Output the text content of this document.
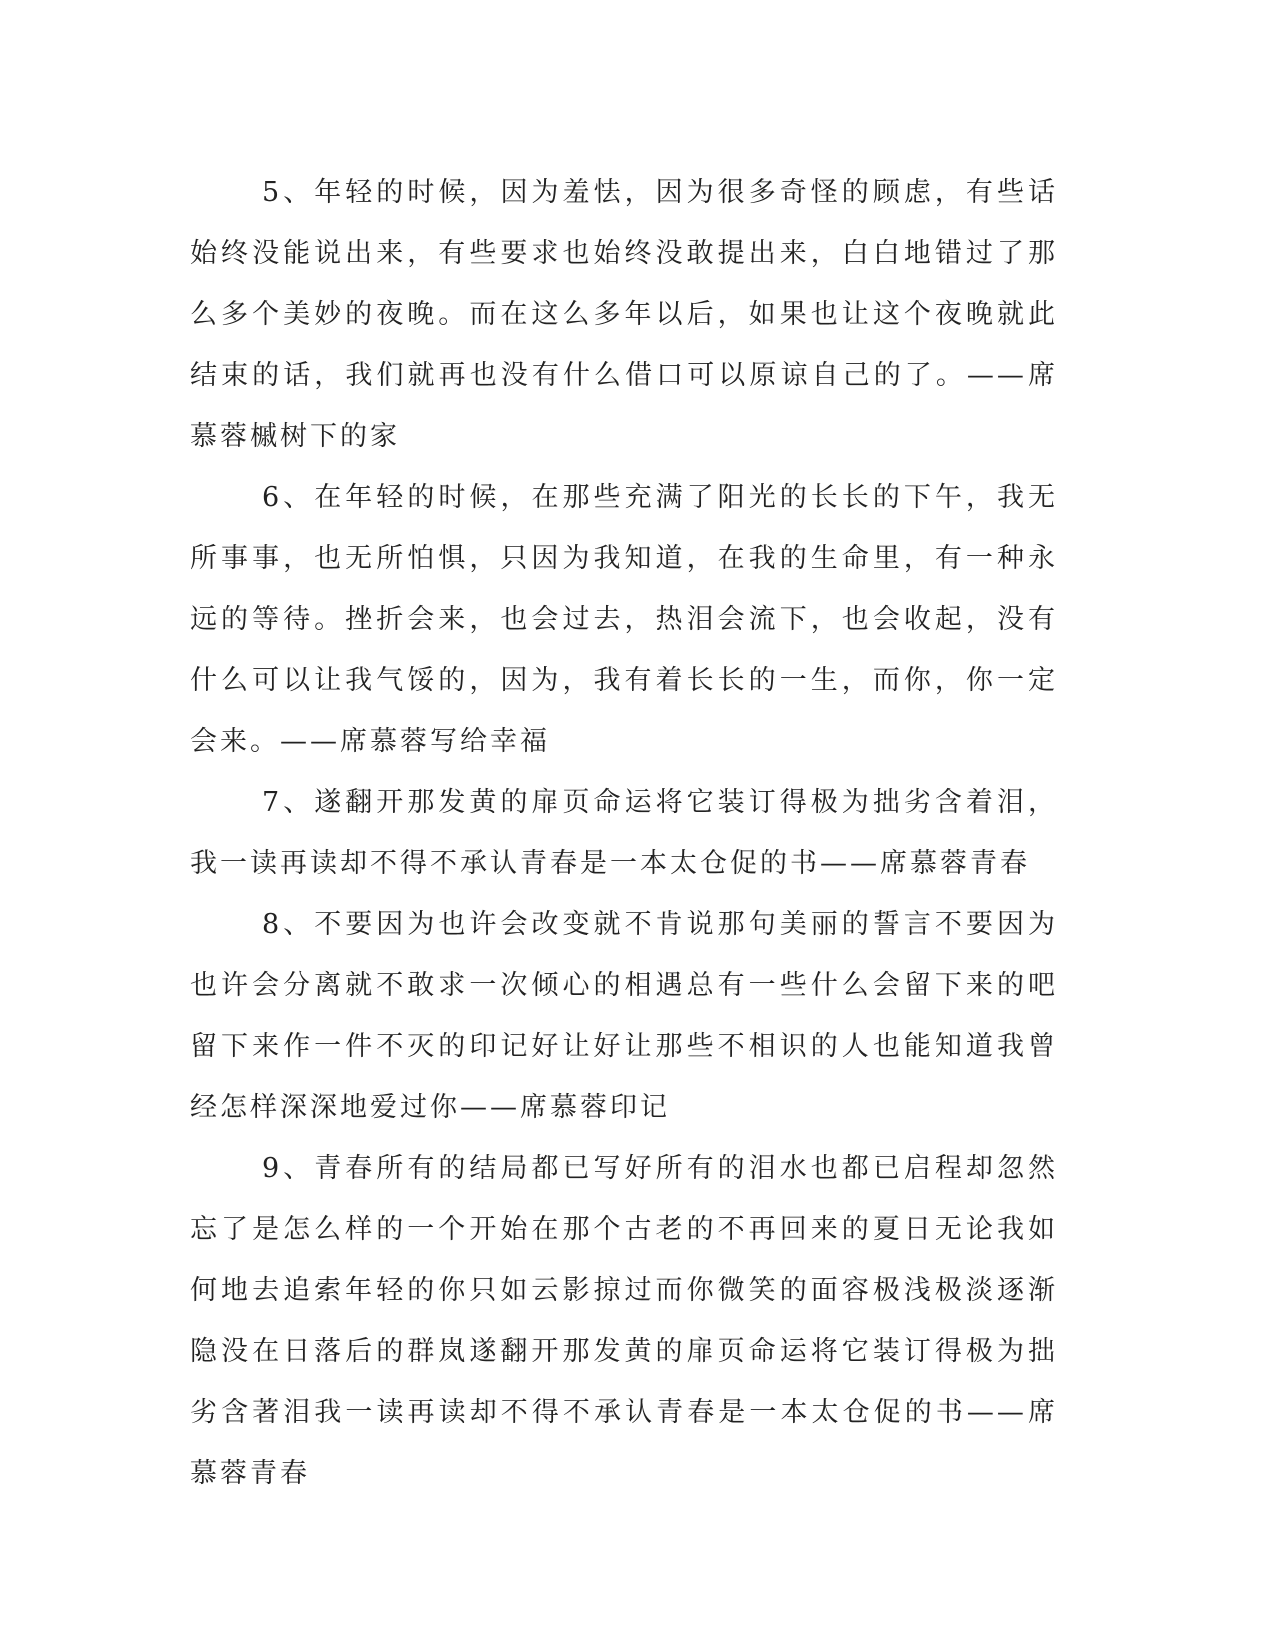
5、年轻的时候，因为羞怯，因为很多奇怪的顾虑，有些话始终没能说出来，有些要求也始终没敢提出来，白白地错过了那么多个美妙的夜晚。而在这么多年以后，如果也让这个夜晚就此结束的话，我们就再也没有什么借口可以原谅自己的了。——席慕蓉槭树下的家

6、在年轻的时候，在那些充满了阳光的长长的下午，我无所事事，也无所怕惧，只因为我知道，在我的生命里，有一种永远的等待。挫折会来，也会过去，热泪会流下，也会收起，没有什么可以让我气馁的，因为，我有着长长的一生，而你，你一定会来。——席慕蓉写给幸福

7、遂翻开那发黄的扉页命运将它装订得极为拙劣含着泪，我一读再读却不得不承认青春是一本太仓促的书——席慕蓉青春

8、不要因为也许会改变就不肯说那句美丽的誓言不要因为也许会分离就不敢求一次倾心的相遇总有一些什么会留下来的吧留下来作一件不灭的印记好让好让那些不相识的人也能知道我曾经怎样深深地爱过你——席慕蓉印记

9、青春所有的结局都已写好所有的泪水也都已启程却忽然忘了是怎么样的一个开始在那个古老的不再回来的夏日无论我如何地去追索年轻的你只如云影掠过而你微笑的面容极浅极淡逐渐隐没在日落后的群岚遂翻开那发黄的扉页命运将它装订得极为拙劣含著泪我一读再读却不得不承认青春是一本太仓促的书——席慕蓉青春
